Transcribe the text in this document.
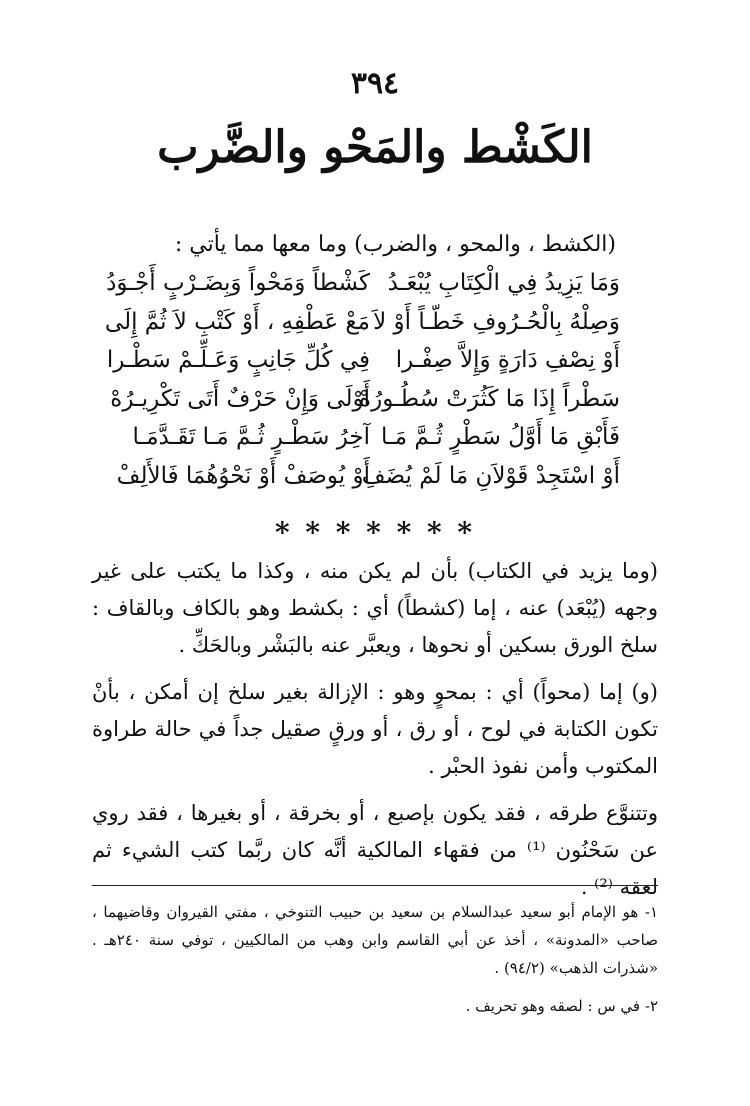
٣٩٤
الكَشْط والمَحْو والضَّرب
(الكشط ، والمحو ، والضرب) وما معها مما يأتي :
وَمَا يَزِيدُ فِي الْكِتَابِ يُبْعَـدُ
كَشْطاً وَمَحْواً وَبِضَـرْبٍ أَجْـوَدُ
وَصِلْهُ بِالْحُـرُوفِ خَطّـاً أَوْ لاَ
مَعْ عَطْفِهِ ، أَوْ كَتْبِ لاَ ثُمَّ إِلَى
أَوْ نِصْفِ دَارَةٍ وَإِلاَّ صِفْـرا
فِي كُلِّ جَانِبٍ وَعَـلِّـمْ سَطْـرا
سَطْراً إِذَا مَا كَثُرَتْ سُطُـورُهْ
أَوْلَى وَإِنْ حَرْفٌ أَتَى تَكْرِيـرُهْ
فَأَبْقِ مَا أَوَّلُ سَطْرٍ ثُـمَّ مَـا
آخِرُ سَطْـرٍ ثُـمَّ مَـا تَقَـدَّمَـا
أَوْ اسْتَجِدْ قَوْلاَنِ مَا لَمْ يُضَفِ
أَوْ يُوصَفْ أَوْ نَحْوُهُمَا فَالأَلِفْ
* * * * * * *

(وما يزيد في الكتاب) بأن لم يكن منه ، وكذا ما يكتب على غير وجهه (يُبْعَد) عنه ، إما (كشطاً) أي : بكشط وهو بالكاف وبالقاف : سلخ الورق بسكين أو نحوها ، ويعبَّر عنه بالبَشْر وبالحَكِّ .

(و) إما (محواً) أي : بمحوٍ وهو : الإزالة بغير سلخ إن أمكن ، بأنْ تكون الكتابة في لوح ، أو رق ، أو ورقٍ صقيل جداً في حالة طراوة المكتوب وأمن نفوذ الحبْر .

وتتنوَّع طرقه ، فقد يكون بإصبع ، أو بخرقة ، أو بغيرها ، فقد روي عن سَحْنُون ⁽¹⁾ من فقهاء المالكية أنَّه كان ربَّما كتب الشيء ثم لعقه ⁽²⁾ .

١- هو الإمام أبو سعيد عبدالسلام بن سعيد بن حبيب التنوخي ، مفتي القيروان وقاضيهما ، صاحب «المدونة» ، أخذ عن أبي القاسم وابن وهب من المالكيين ، توفي سنة ٢٤٠هـ . «شذرات الذهب» (٩٤/٢) .

٢- في س : لصقه وهو تحريف .
